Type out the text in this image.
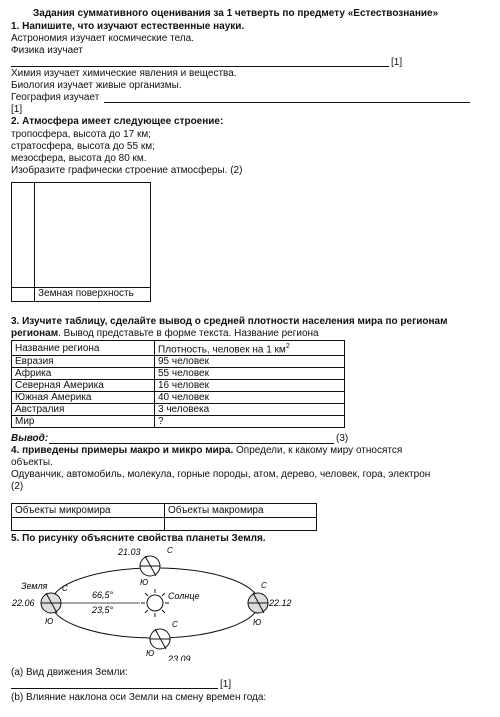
Задания суммативного оценивания за 1 четверть по предмету «Естествознание»
1. Напишите, что изучают естественные науки.
Астрономия изучает космические тела.
Физика изучает
[1]
Химия изучает химические явления и вещества.
Биология изучает живые организмы.
География изучает
[1]
2. Атмосфера имеет следующее строение:
тропосфера, высота до 17 км;
стратосфера, высота до 55 км;
мезосфера, высота до 80 км.
Изобразите графически строение атмосферы. (2)
Земная поверхность
3. Изучите таблицу, сделайте вывод о средней плотности населения мира по регионам
регионам. Вывод представьте в форме текста. Название региона
Название региона	Плотность, человек на 1 $км^2$
Евразия	95 человек
Африка	55 человек
Северная Америка	16 человек
Южная Америка	40 человек
Австралия	3 человека
Мир	?
Вывод:	(3)
4. приведены примеры макро и микро мира. Определи, к какому миру относятся
объекты.
Одуванчик, автомобиль, молекула, горные породы, атом, дерево, человек, гора, электрон
(2)
Объекты микромира	Объекты макромира

5. По рисунку объясните свойства планеты Земля.
Земля
Солнце
21.03
23.09
22.06	22.12
66,5°
23,5°
С
Ю
С
Ю	С
Ю
С
Ю
(а) Вид движения Земли:
[1]
(b) Влияние наклона оси Земли на смену времен года:
